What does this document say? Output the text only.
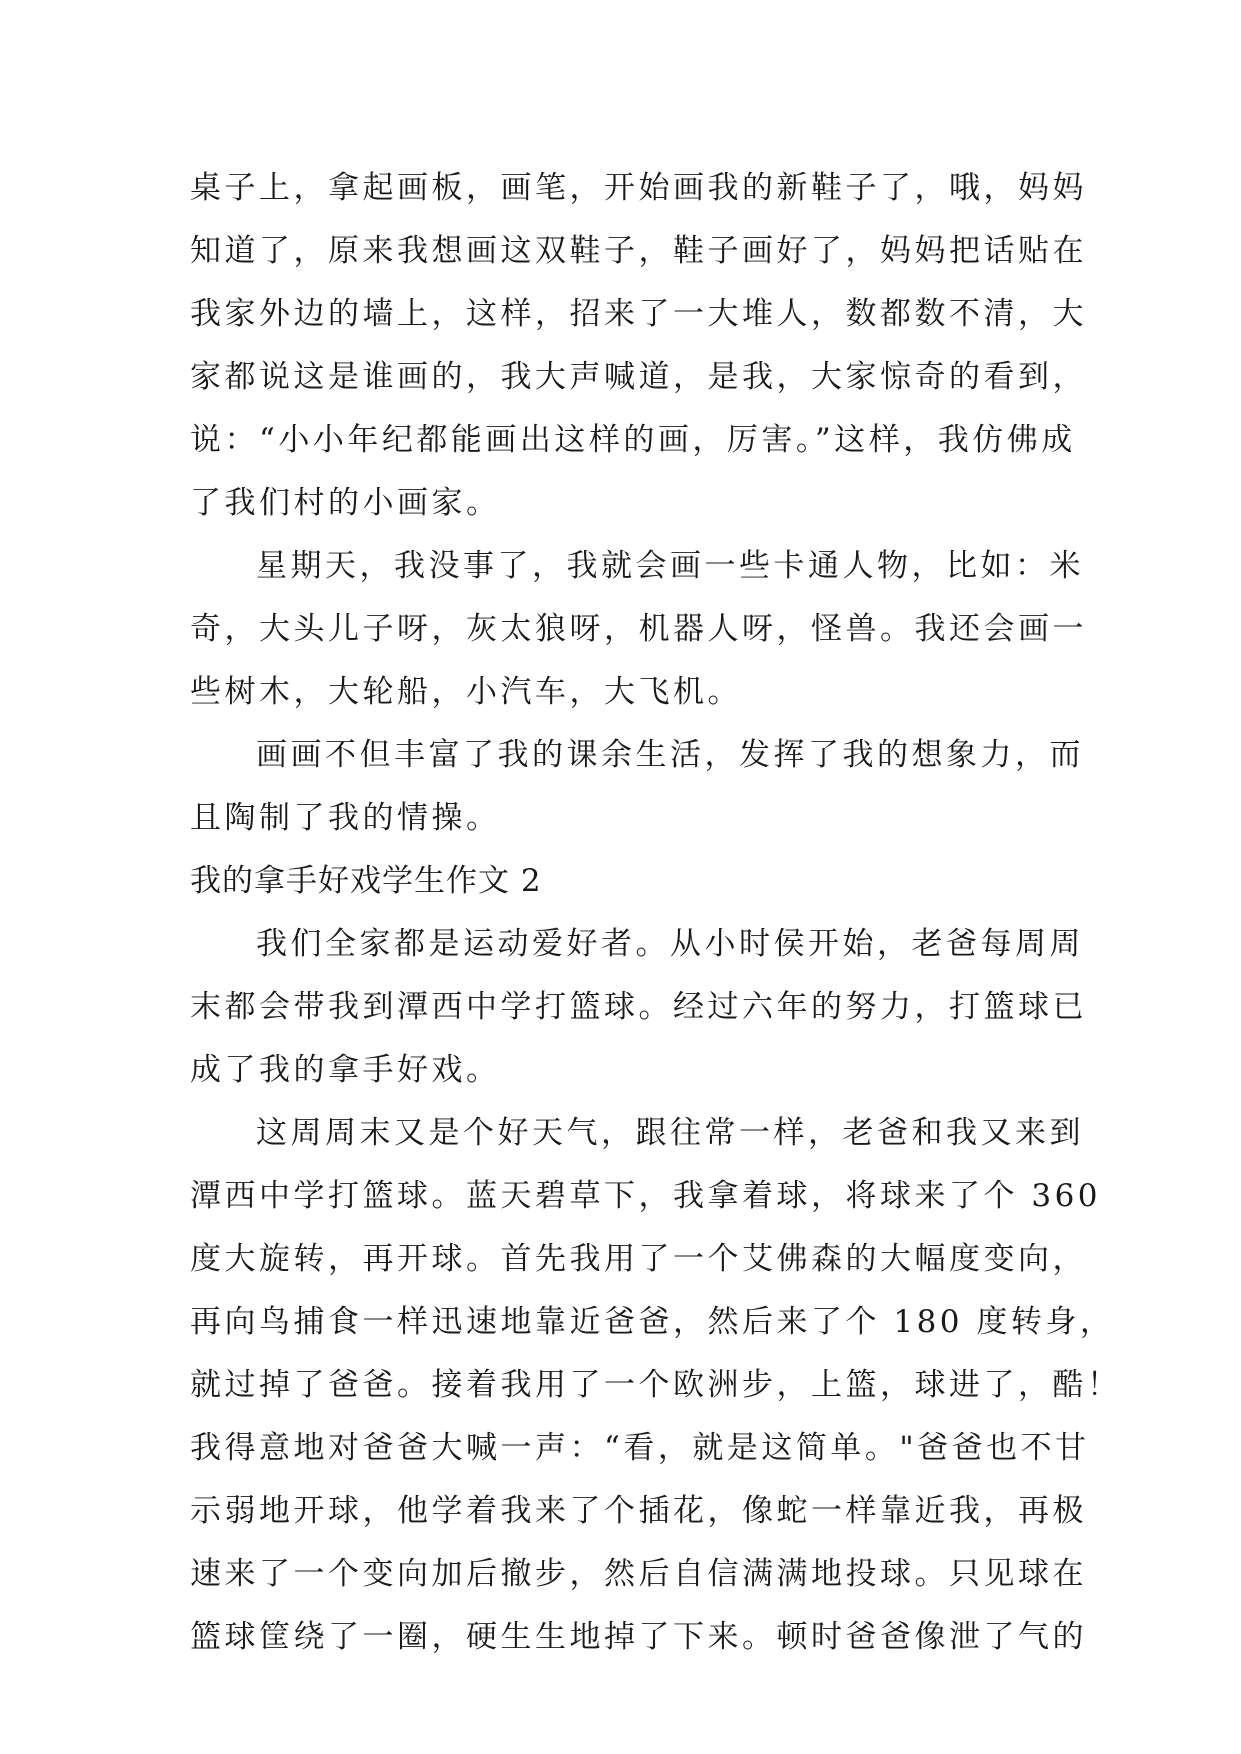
桌子上，拿起画板，画笔，开始画我的新鞋子了，哦，妈妈
知道了，原来我想画这双鞋子，鞋子画好了，妈妈把话贴在
我家外边的墙上，这样，招来了一大堆人，数都数不清，大
家都说这是谁画的，我大声喊道，是我，大家惊奇的看到，
说：“小小年纪都能画出这样的画，厉害。”这样，我仿佛成
了我们村的小画家。
星期天，我没事了，我就会画一些卡通人物，比如：米
奇，大头儿子呀，灰太狼呀，机器人呀，怪兽。我还会画一
些树木，大轮船，小汽车，大飞机。
画画不但丰富了我的课余生活，发挥了我的想象力，而
且陶制了我的情操。
我的拿手好戏学生作文 2
我们全家都是运动爱好者。从小时侯开始，老爸每周周
末都会带我到潭西中学打篮球。经过六年的努力，打篮球已
成了我的拿手好戏。
这周周末又是个好天气，跟往常一样，老爸和我又来到
潭西中学打篮球。蓝天碧草下，我拿着球，将球来了个 360
度大旋转，再开球。首先我用了一个艾佛森的大幅度变向，
再向鸟捕食一样迅速地靠近爸爸，然后来了个 180 度转身，
就过掉了爸爸。接着我用了一个欧洲步，上篮，球进了，酷！
我得意地对爸爸大喊一声：“看，就是这简单。"爸爸也不甘
示弱地开球，他学着我来了个插花，像蛇一样靠近我，再极
速来了一个变向加后撤步，然后自信满满地投球。只见球在
篮球筐绕了一圈，硬生生地掉了下来。顿时爸爸像泄了气的
